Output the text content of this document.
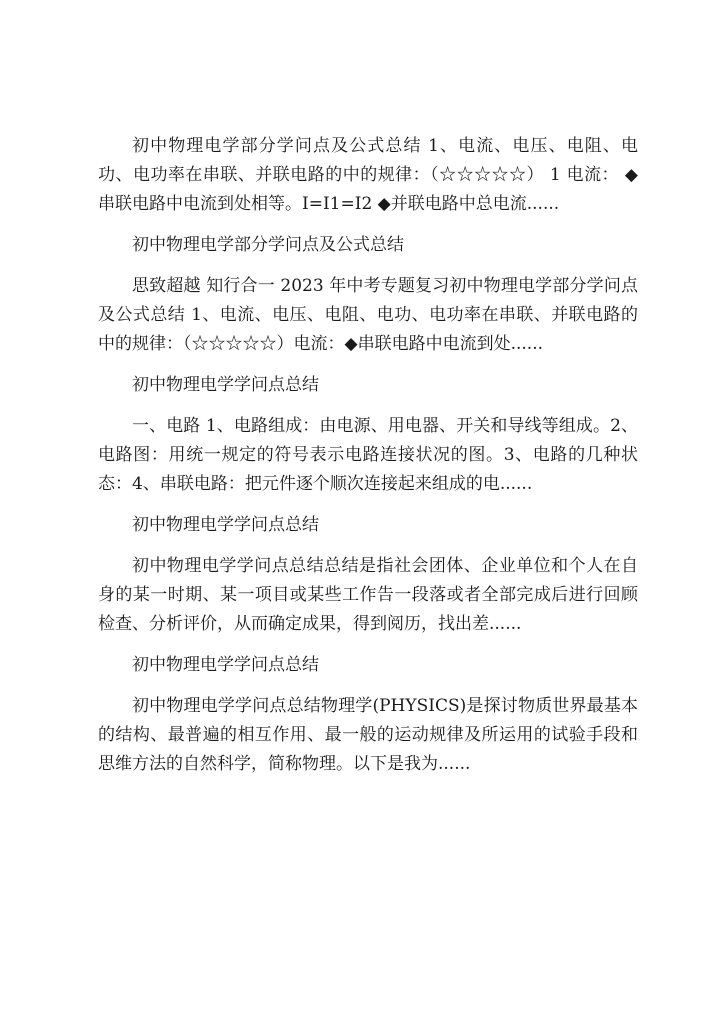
初中物理电学部分学问点及公式总结 1、电流、电压、电阻、电功、电功率在串联、并联电路的中的规律：（☆☆☆☆☆） 1 电流： ◆串联电路中电流到处相等。I=I1=I2 ◆并联电路中总电流......

初中物理电学部分学问点及公式总结

思致超越 知行合一 2023 年中考专题复习初中物理电学部分学问点及公式总结 1、电流、电压、电阻、电功、电功率在串联、并联电路的中的规律：（☆☆☆☆☆）电流：◆串联电路中电流到处......

初中物理电学学问点总结

一、电路 1、电路组成：由电源、用电器、开关和导线等组成。2、电路图：用统一规定的符号表示电路连接状况的图。3、电路的几种状态：4、串联电路：把元件逐个顺次连接起来组成的电......

初中物理电学学问点总结

初中物理电学学问点总结总结是指社会团体、企业单位和个人在自身的某一时期、某一项目或某些工作告一段落或者全部完成后进行回顾检查、分析评价，从而确定成果，得到阅历，找出差......

初中物理电学学问点总结

初中物理电学学问点总结物理学(PHYSICS)是探讨物质世界最基本的结构、最普遍的相互作用、最一般的运动规律及所运用的试验手段和思维方法的自然科学，简称物理。以下是我为......
